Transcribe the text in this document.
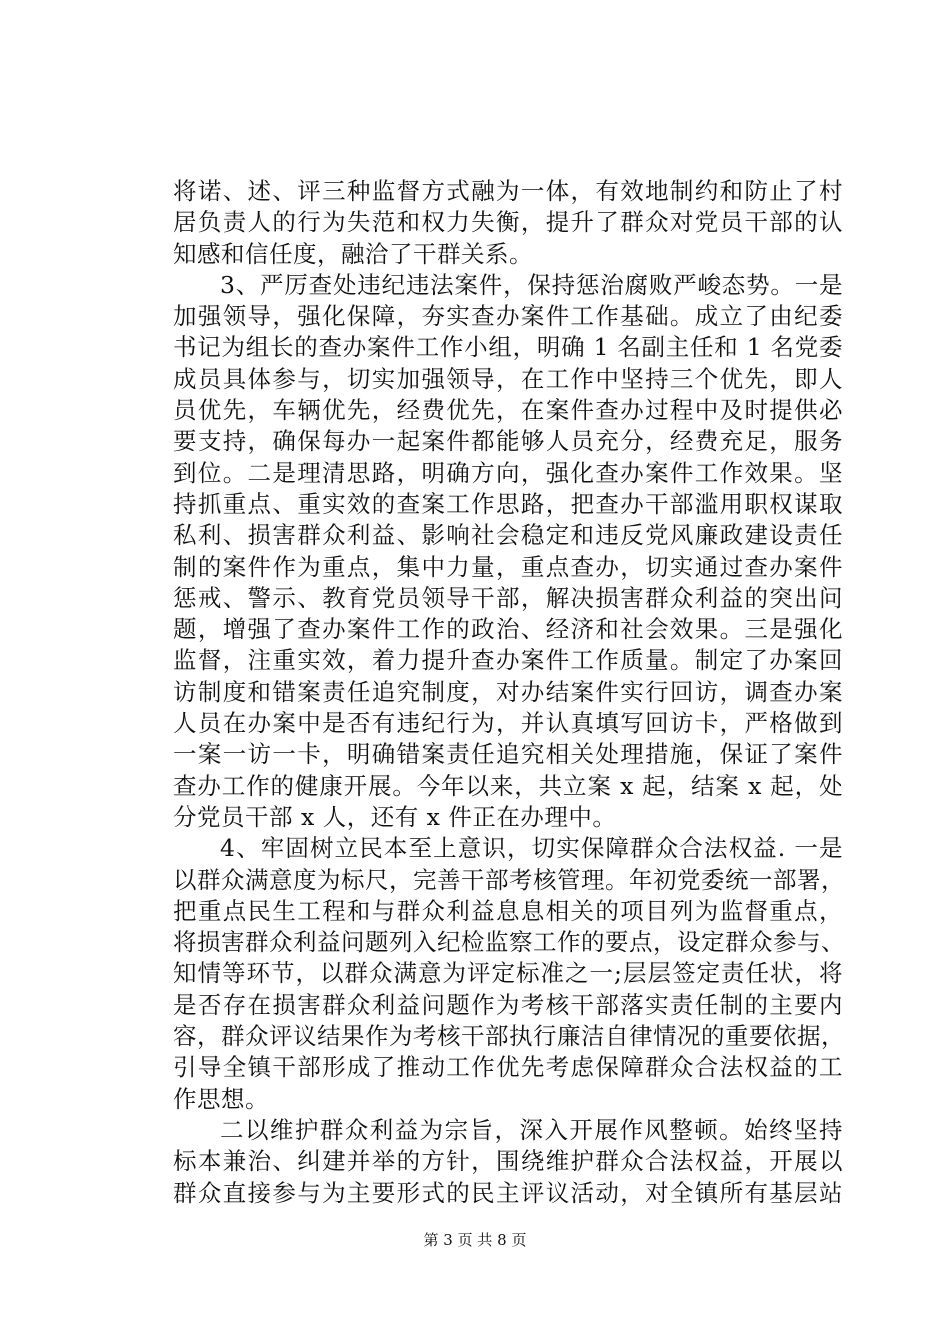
将诺、述、评三种监督方式融为一体，有效地制约和防止了村
居负责人的行为失范和权力失衡，提升了群众对党员干部的认
知感和信任度，融洽了干群关系。
3、严厉查处违纪违法案件，保持惩治腐败严峻态势。一是
加强领导，强化保障，夯实查办案件工作基础。成立了由纪委
书记为组长的查办案件工作小组，明确 1 名副主任和 1 名党委
成员具体参与，切实加强领导，在工作中坚持三个优先，即人
员优先，车辆优先，经费优先，在案件查办过程中及时提供必
要支持，确保每办一起案件都能够人员充分，经费充足，服务
到位。二是理清思路，明确方向，强化查办案件工作效果。坚
持抓重点、重实效的查案工作思路，把查办干部滥用职权谋取
私利、损害群众利益、影响社会稳定和违反党风廉政建设责任
制的案件作为重点，集中力量，重点查办，切实通过查办案件
惩戒、警示、教育党员领导干部，解决损害群众利益的突出问
题，增强了查办案件工作的政治、经济和社会效果。三是强化
监督，注重实效，着力提升查办案件工作质量。制定了办案回
访制度和错案责任追究制度，对办结案件实行回访，调查办案
人员在办案中是否有违纪行为，并认真填写回访卡，严格做到
一案一访一卡，明确错案责任追究相关处理措施，保证了案件
查办工作的健康开展。今年以来，共立案 x 起，结案 x 起，处
分党员干部 x 人，还有 x 件正在办理中。
4、牢固树立民本至上意识，切实保障群众合法权益. 一是
以群众满意度为标尺，完善干部考核管理。年初党委统一部署，
把重点民生工程和与群众利益息息相关的项目列为监督重点，
将损害群众利益问题列入纪检监察工作的要点，设定群众参与、
知情等环节，以群众满意为评定标准之一;层层签定责任状，将
是否存在损害群众利益问题作为考核干部落实责任制的主要内
容，群众评议结果作为考核干部执行廉洁自律情况的重要依据，
引导全镇干部形成了推动工作优先考虑保障群众合法权益的工
作思想。
二以维护群众利益为宗旨，深入开展作风整顿。始终坚持
标本兼治、纠建并举的方针，围绕维护群众合法权益，开展以
群众直接参与为主要形式的民主评议活动，对全镇所有基层站
第 3 页 共 8 页
